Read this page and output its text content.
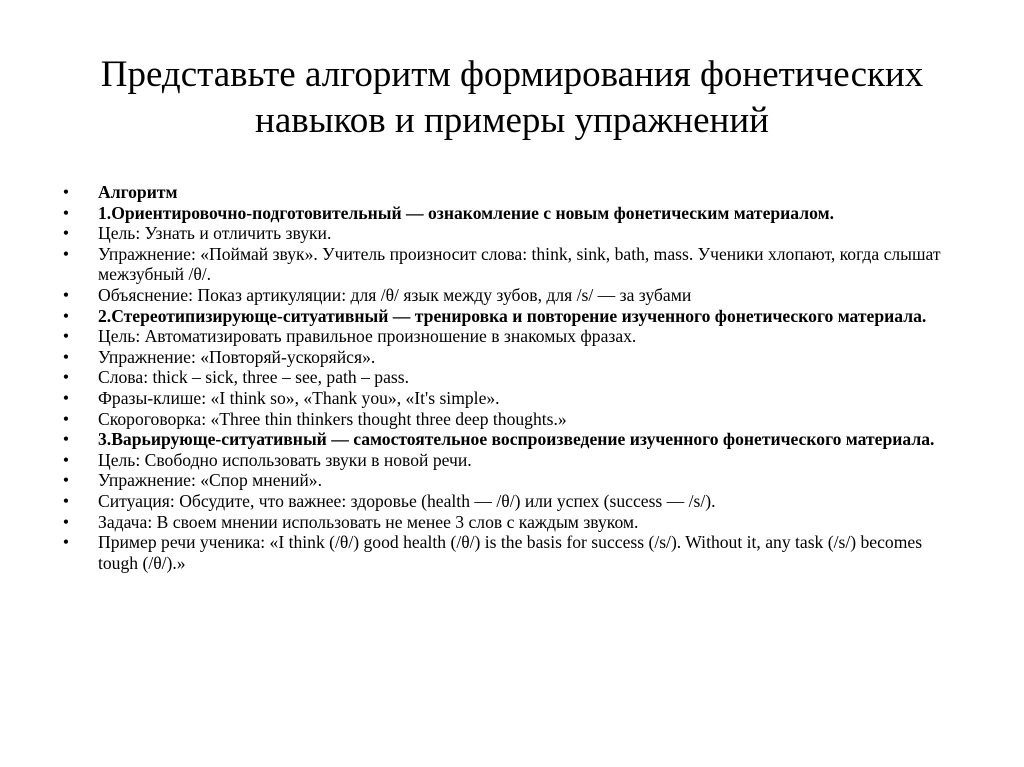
Представьте алгоритм формирования фонетических
навыков и примеры упражнений
• Алгоритм
• 1.Ориентировочно-подготовительный — ознакомление с новым фонетическим материалом.
• Цель: Узнать и отличить звуки.
• Упражнение: «Поймай звук». Учитель произносит слова: think, sink, bath, mass. Ученики хлопают, когда слышат межзубный /θ/.
• Объяснение: Показ артикуляции: для /θ/ язык между зубов, для /s/ — за зубами
• 2.Стереотипизирующе-ситуативный — тренировка и повторение изученного фонетического материала.
• Цель: Автоматизировать правильное произношение в знакомых фразах.
• Упражнение: «Повторяй-ускоряйся».
• Слова: thick – sick, three – see, path – pass.
• Фразы-клише: «I think so», «Thank you», «It's simple».
• Скороговорка: «Three thin thinkers thought three deep thoughts.»
• 3.Варьирующе-ситуативный — самостоятельное воспроизведение изученного фонетического материала.
• Цель: Свободно использовать звуки в новой речи.
• Упражнение: «Спор мнений».
• Ситуация: Обсудите, что важнее: здоровье (health — /θ/) или успех (success — /s/).
• Задача: В своем мнении использовать не менее 3 слов с каждым звуком.
• Пример речи ученика: «I think (/θ/) good health (/θ/) is the basis for success (/s/). Without it, any task (/s/) becomes tough (/θ/).»
